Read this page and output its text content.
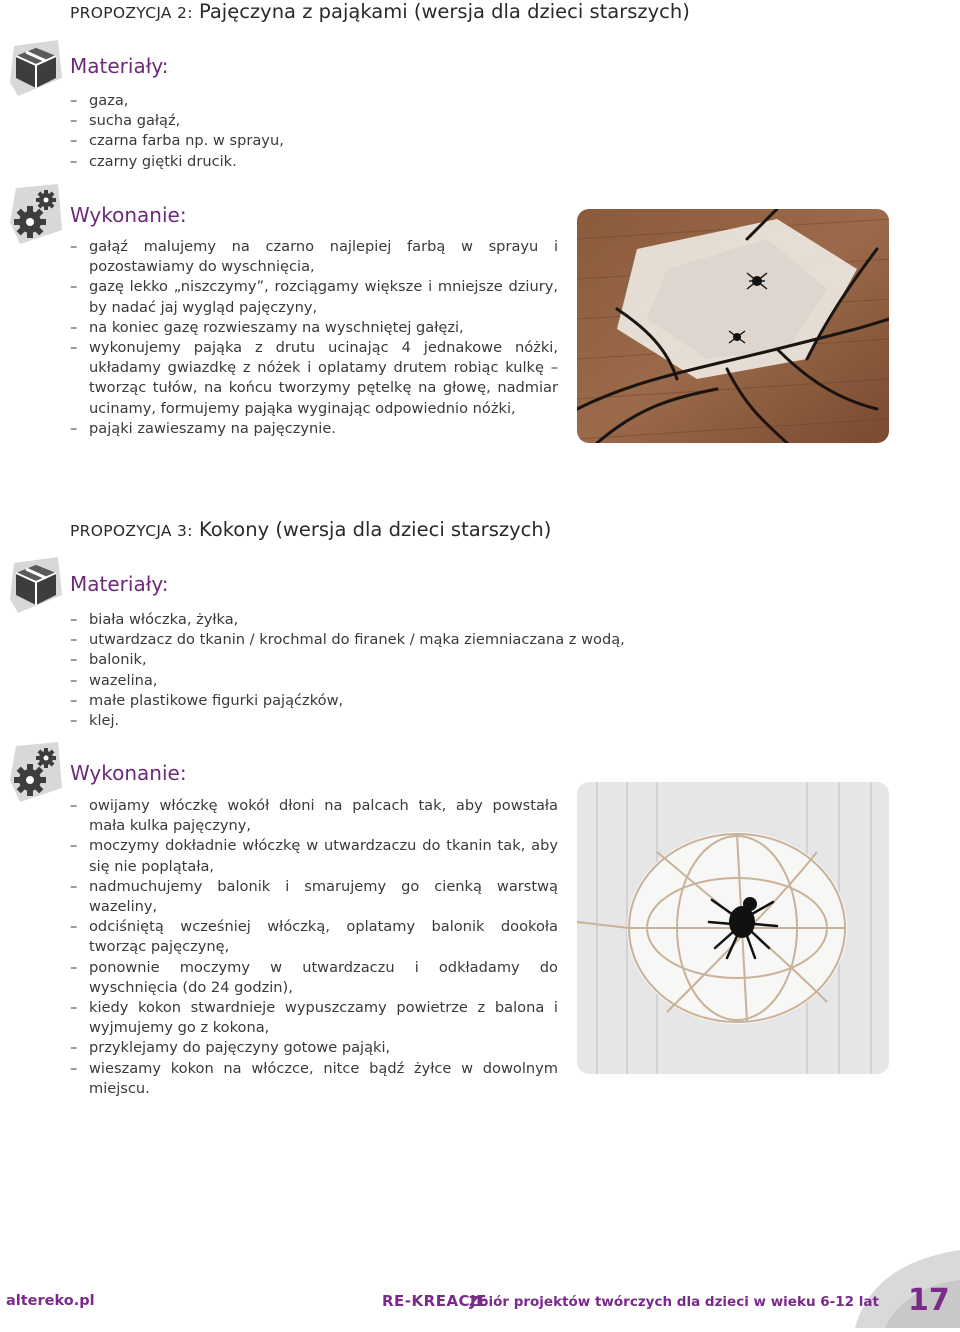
PROPOZYCJA 2: Pajęczyna z pająkami (wersja dla dzieci starszych)
Materiały:
– gaza,
– sucha gałąź,
– czarna farba np. w sprayu,
– czarny giętki drucik.
Wykonanie:
– gałąź malujemy na czarno najlepiej farbą w sprayu i pozostawiamy do wyschnięcia,
– gazę lekko „niszczymy”, rozciągamy większe i mniejsze dziury, by nadać jaj wygląd pajęczyny,
– na koniec gazę rozwieszamy na wyschniętej gałęzi,
– wykonujemy pająka z drutu ucinając 4 jednakowe nóżki, układamy gwiazdkę z nóżek i oplatamy drutem robiąc kulkę – tworząc tułów, na końcu tworzymy pętelkę na głowę, nadmiar ucinamy, formujemy pająka wyginając odpowiednio nóżki,
– pająki zawieszamy na pajęczynie.
PROPOZYCJA 3: Kokony (wersja dla dzieci starszych)
Materiały:
– biała włóczka, żyłka,
– utwardzacz do tkanin / krochmal do firanek / mąka ziemniaczana z wodą,
– balonik,
– wazelina,
– małe plastikowe figurki pająćzków,
– klej.
Wykonanie:
– owijamy włóczkę wokół dłoni na palcach tak, aby powstała mała kulka pajęczyny,
– moczymy dokładnie włóczkę w utwardzaczu do tkanin tak, aby się nie poplątała,
– nadmuchujemy balonik i smarujemy go cienką warstwą wazeliny,
– odciśniętą wcześniej włóczką, oplatamy balonik dookoła tworząc pajęczynę,
– ponownie moczymy w utwardzaczu i odkładamy do wyschnięcia (do 24 godzin),
– kiedy kokon stwardnieje wypuszczamy powietrze z balona i wyjmujemy go z kokona,
– przyklejamy do pajęczyny gotowe pająki,
– wieszamy kokon na włóczce, nitce bądź żyłce w dowolnym miejscu.
altereko.pl	RE-KREACJE
Zbiór projektów twórczych dla dzieci w wieku 6-12 lat 17
